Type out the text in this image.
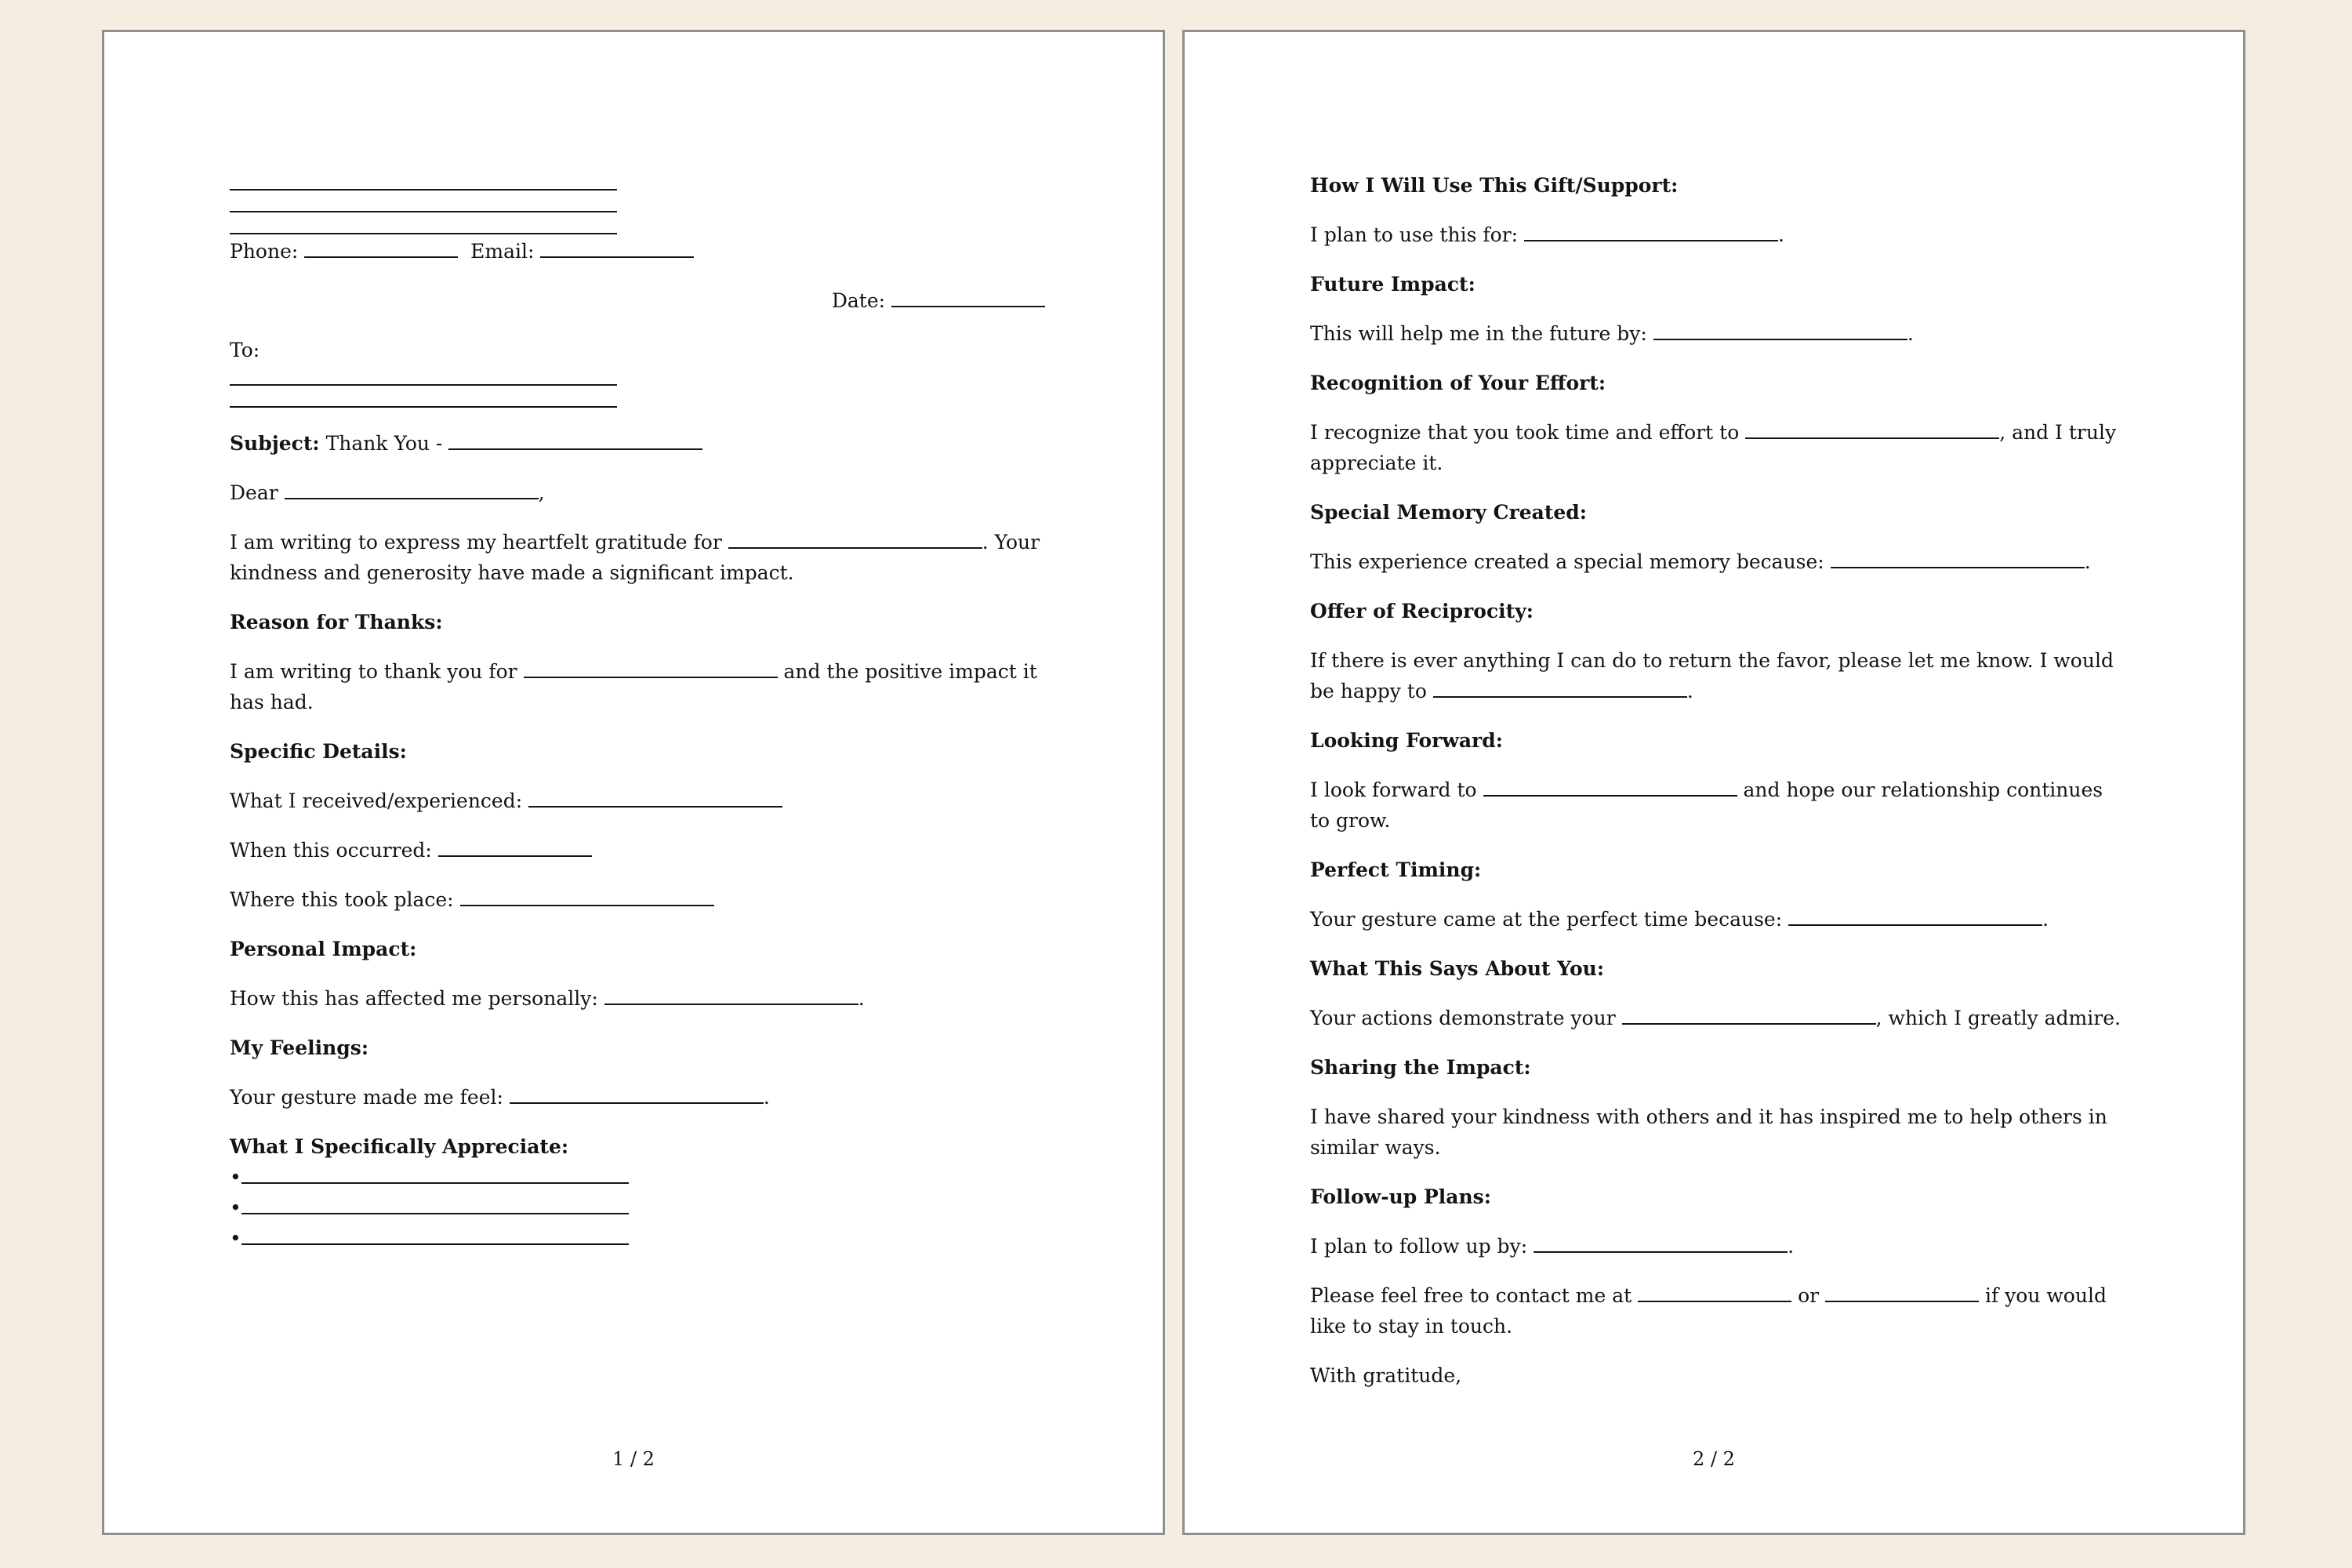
Phone:	Email:

Date:

To:

Subject: Thank You -

Dear	,

I am writing to express my heartfelt gratitude for	. Your kindness and generosity have made a significant impact.

Reason for Thanks:

I am writing to thank you for	and the positive impact it has had.

Specific Details:

What I received/experienced:

When this occurred:

Where this took place:

Personal Impact:

How this has affected me personally:	.

My Feelings:

Your gesture made me feel:	.

What I Specifically Appreciate:

•

•

•

1 / 2

How I Will Use This Gift/Support:

I plan to use this for:	.

Future Impact:

This will help me in the future by:	.

Recognition of Your Effort:

I recognize that you took time and effort to	, and I truly appreciate it.

Special Memory Created:

This experience created a special memory because:	.

Offer of Reciprocity:

If there is ever anything I can do to return the favor, please let me know. I would be happy to	.

Looking Forward:

I look forward to	and hope our relationship continues to grow.

Perfect Timing:

Your gesture came at the perfect time because:	.

What This Says About You:

Your actions demonstrate your	, which I greatly admire.

Sharing the Impact:

I have shared your kindness with others and it has inspired me to help others in similar ways.

Follow-up Plans:

I plan to follow up by:	.

Please feel free to contact me at	or	if you would like to stay in touch.

With gratitude,

2 / 2
